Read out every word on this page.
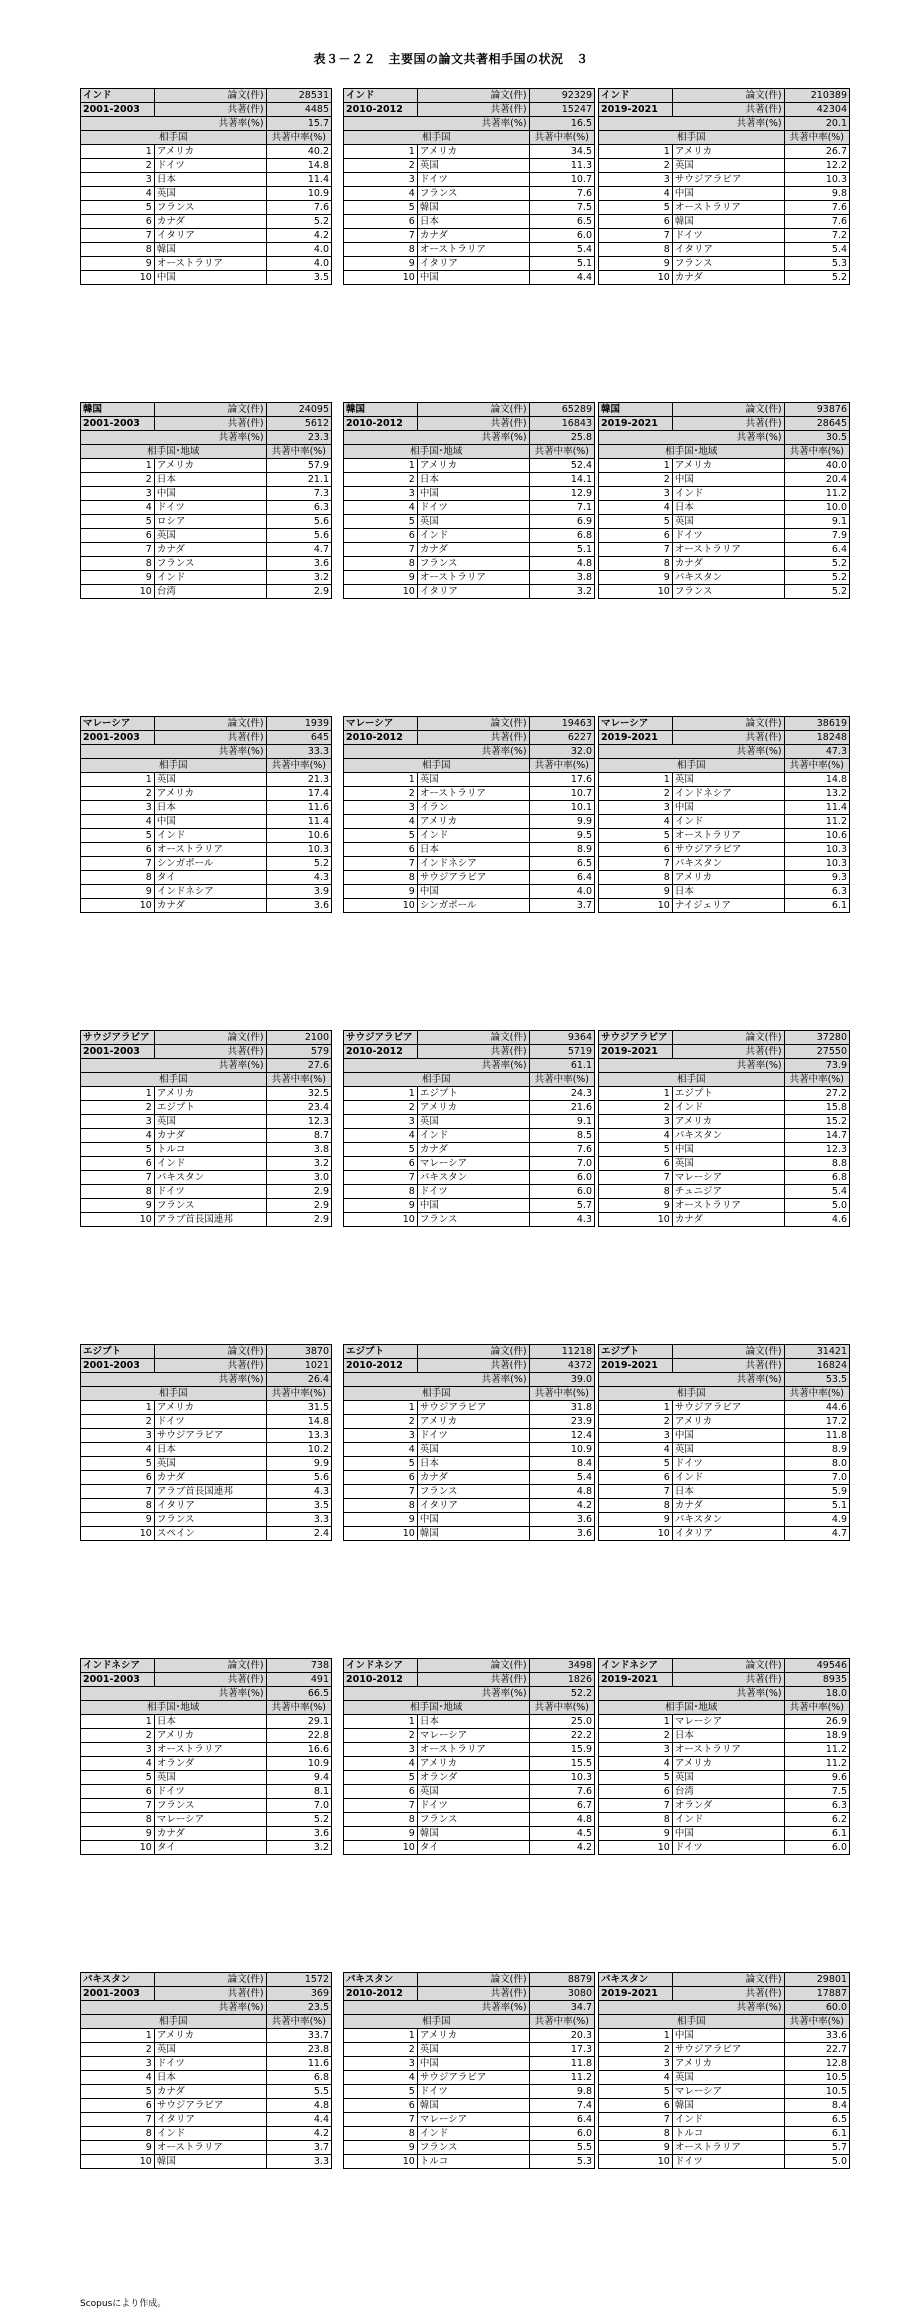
表３－２２　主要国の論文共著相手国の状況　３
インド	論文(件)	28531
2001-2003	共著(件)	4485
共著率(%)		15.7
相手国		共著中率(%)
1	アメリカ	40.2
2	ドイツ	14.8
3	日本	11.4
4	英国	10.9
5	フランス	7.6
6	カナダ	5.2
7	イタリア	4.2
8	韓国	4.0
9	オーストラリア	4.0
10	中国	3.5
インド	論文(件)	92329
2010-2012	共著(件)	15247
共著率(%)		16.5
相手国		共著中率(%)
1	アメリカ	34.5
2	英国	11.3
3	ドイツ	10.7
4	フランス	7.6
5	韓国	7.5
6	日本	6.5
7	カナダ	6.0
8	オーストラリア	5.4
9	イタリア	5.1
10	中国	4.4
インド	論文(件)	210389
2019-2021	共著(件)	42304
共著率(%)		20.1
相手国		共著中率(%)
1	アメリカ	26.7
2	英国	12.2
3	サウジアラビア	10.3
4	中国	9.8
5	オーストラリア	7.6
6	韓国	7.6
7	ドイツ	7.2
8	イタリア	5.4
9	フランス	5.3
10	カナダ	5.2
韓国	論文(件)	24095
2001-2003	共著(件)	5612
共著率(%)		23.3
相手国･地域		共著中率(%)
1	アメリカ	57.9
2	日本	21.1
3	中国	7.3
4	ドイツ	6.3
5	ロシア	5.6
6	英国	5.6
7	カナダ	4.7
8	フランス	3.6
9	インド	3.2
10	台湾	2.9
韓国	論文(件)	65289
2010-2012	共著(件)	16843
共著率(%)		25.8
相手国･地域		共著中率(%)
1	アメリカ	52.4
2	日本	14.1
3	中国	12.9
4	ドイツ	7.1
5	英国	6.9
6	インド	6.8
7	カナダ	5.1
8	フランス	4.8
9	オーストラリア	3.8
10	イタリア	3.2
韓国	論文(件)	93876
2019-2021	共著(件)	28645
共著率(%)		30.5
相手国･地域		共著中率(%)
1	アメリカ	40.0
2	中国	20.4
3	インド	11.2
4	日本	10.0
5	英国	9.1
6	ドイツ	7.9
7	オーストラリア	6.4
8	カナダ	5.2
9	パキスタン	5.2
10	フランス	5.2
マレーシア	論文(件)	1939
2001-2003	共著(件)	645
共著率(%)		33.3
相手国		共著中率(%)
1	英国	21.3
2	アメリカ	17.4
3	日本	11.6
4	中国	11.4
5	インド	10.6
6	オーストラリア	10.3
7	シンガポール	5.2
8	タイ	4.3
9	インドネシア	3.9
10	カナダ	3.6
マレーシア	論文(件)	19463
2010-2012	共著(件)	6227
共著率(%)		32.0
相手国		共著中率(%)
1	英国	17.6
2	オーストラリア	10.7
3	イラン	10.1
4	アメリカ	9.9
5	インド	9.5
6	日本	8.9
7	インドネシア	6.5
8	サウジアラビア	6.4
9	中国	4.0
10	シンガポール	3.7
マレーシア	論文(件)	38619
2019-2021	共著(件)	18248
共著率(%)		47.3
相手国		共著中率(%)
1	英国	14.8
2	インドネシア	13.2
3	中国	11.4
4	インド	11.2
5	オーストラリア	10.6
6	サウジアラビア	10.3
7	パキスタン	10.3
8	アメリカ	9.3
9	日本	6.3
10	ナイジェリア	6.1
サウジアラビア	論文(件)	2100
2001-2003	共著(件)	579
共著率(%)		27.6
相手国		共著中率(%)
1	アメリカ	32.5
2	エジプト	23.4
3	英国	12.3
4	カナダ	8.7
5	トルコ	3.8
6	インド	3.2
7	パキスタン	3.0
8	ドイツ	2.9
9	フランス	2.9
10	アラブ首長国連邦	2.9
サウジアラビア	論文(件)	9364
2010-2012	共著(件)	5719
共著率(%)		61.1
相手国		共著中率(%)
1	エジプト	24.3
2	アメリカ	21.6
3	英国	9.1
4	インド	8.5
5	カナダ	7.6
6	マレーシア	7.0
7	パキスタン	6.0
8	ドイツ	6.0
9	中国	5.7
10	フランス	4.3
サウジアラビア	論文(件)	37280
2019-2021	共著(件)	27550
共著率(%)		73.9
相手国		共著中率(%)
1	エジプト	27.2
2	インド	15.8
3	アメリカ	15.2
4	パキスタン	14.7
5	中国	12.3
6	英国	8.8
7	マレーシア	6.8
8	チュニジア	5.4
9	オーストラリア	5.0
10	カナダ	4.6
エジプト	論文(件)	3870
2001-2003	共著(件)	1021
共著率(%)		26.4
相手国		共著中率(%)
1	アメリカ	31.5
2	ドイツ	14.8
3	サウジアラビア	13.3
4	日本	10.2
5	英国	9.9
6	カナダ	5.6
7	アラブ首長国連邦	4.3
8	イタリア	3.5
9	フランス	3.3
10	スペイン	2.4
エジプト	論文(件)	11218
2010-2012	共著(件)	4372
共著率(%)		39.0
相手国		共著中率(%)
1	サウジアラビア	31.8
2	アメリカ	23.9
3	ドイツ	12.4
4	英国	10.9
5	日本	8.4
6	カナダ	5.4
7	フランス	4.8
8	イタリア	4.2
9	中国	3.6
10	韓国	3.6
エジプト	論文(件)	31421
2019-2021	共著(件)	16824
共著率(%)		53.5
相手国		共著中率(%)
1	サウジアラビア	44.6
2	アメリカ	17.2
3	中国	11.8
4	英国	8.9
5	ドイツ	8.0
6	インド	7.0
7	日本	5.9
8	カナダ	5.1
9	パキスタン	4.9
10	イタリア	4.7
インドネシア	論文(件)	738
2001-2003	共著(件)	491
共著率(%)		66.5
相手国･地域		共著中率(%)
1	日本	29.1
2	アメリカ	22.8
3	オーストラリア	16.6
4	オランダ	10.9
5	英国	9.4
6	ドイツ	8.1
7	フランス	7.0
8	マレーシア	5.2
9	カナダ	3.6
10	タイ	3.2
インドネシア	論文(件)	3498
2010-2012	共著(件)	1826
共著率(%)		52.2
相手国･地域		共著中率(%)
1	日本	25.0
2	マレーシア	22.2
3	オーストラリア	15.9
4	アメリカ	15.5
5	オランダ	10.3
6	英国	7.6
7	ドイツ	6.7
8	フランス	4.8
9	韓国	4.5
10	タイ	4.2
インドネシア	論文(件)	49546
2019-2021	共著(件)	8935
共著率(%)		18.0
相手国･地域		共著中率(%)
1	マレーシア	26.9
2	日本	18.9
3	オーストラリア	11.2
4	アメリカ	11.2
5	英国	9.6
6	台湾	7.5
7	オランダ	6.3
8	インド	6.2
9	中国	6.1
10	ドイツ	6.0
パキスタン	論文(件)	1572
2001-2003	共著(件)	369
共著率(%)		23.5
相手国		共著中率(%)
1	アメリカ	33.7
2	英国	23.8
3	ドイツ	11.6
4	日本	6.8
5	カナダ	5.5
6	サウジアラビア	4.8
7	イタリア	4.4
8	インド	4.2
9	オーストラリア	3.7
10	韓国	3.3
パキスタン	論文(件)	8879
2010-2012	共著(件)	3080
共著率(%)		34.7
相手国		共著中率(%)
1	アメリカ	20.3
2	英国	17.3
3	中国	11.8
4	サウジアラビア	11.2
5	ドイツ	9.8
6	韓国	7.4
7	マレーシア	6.4
8	インド	6.0
9	フランス	5.5
10	トルコ	5.3
パキスタン	論文(件)	29801
2019-2021	共著(件)	17887
共著率(%)		60.0
相手国		共著中率(%)
1	中国	33.6
2	サウジアラビア	22.7
3	アメリカ	12.8
4	英国	10.5
5	マレーシア	10.5
6	韓国	8.4
7	インド	6.5
8	トルコ	6.1
9	オーストラリア	5.7
10	ドイツ	5.0
Scopusにより作成。
